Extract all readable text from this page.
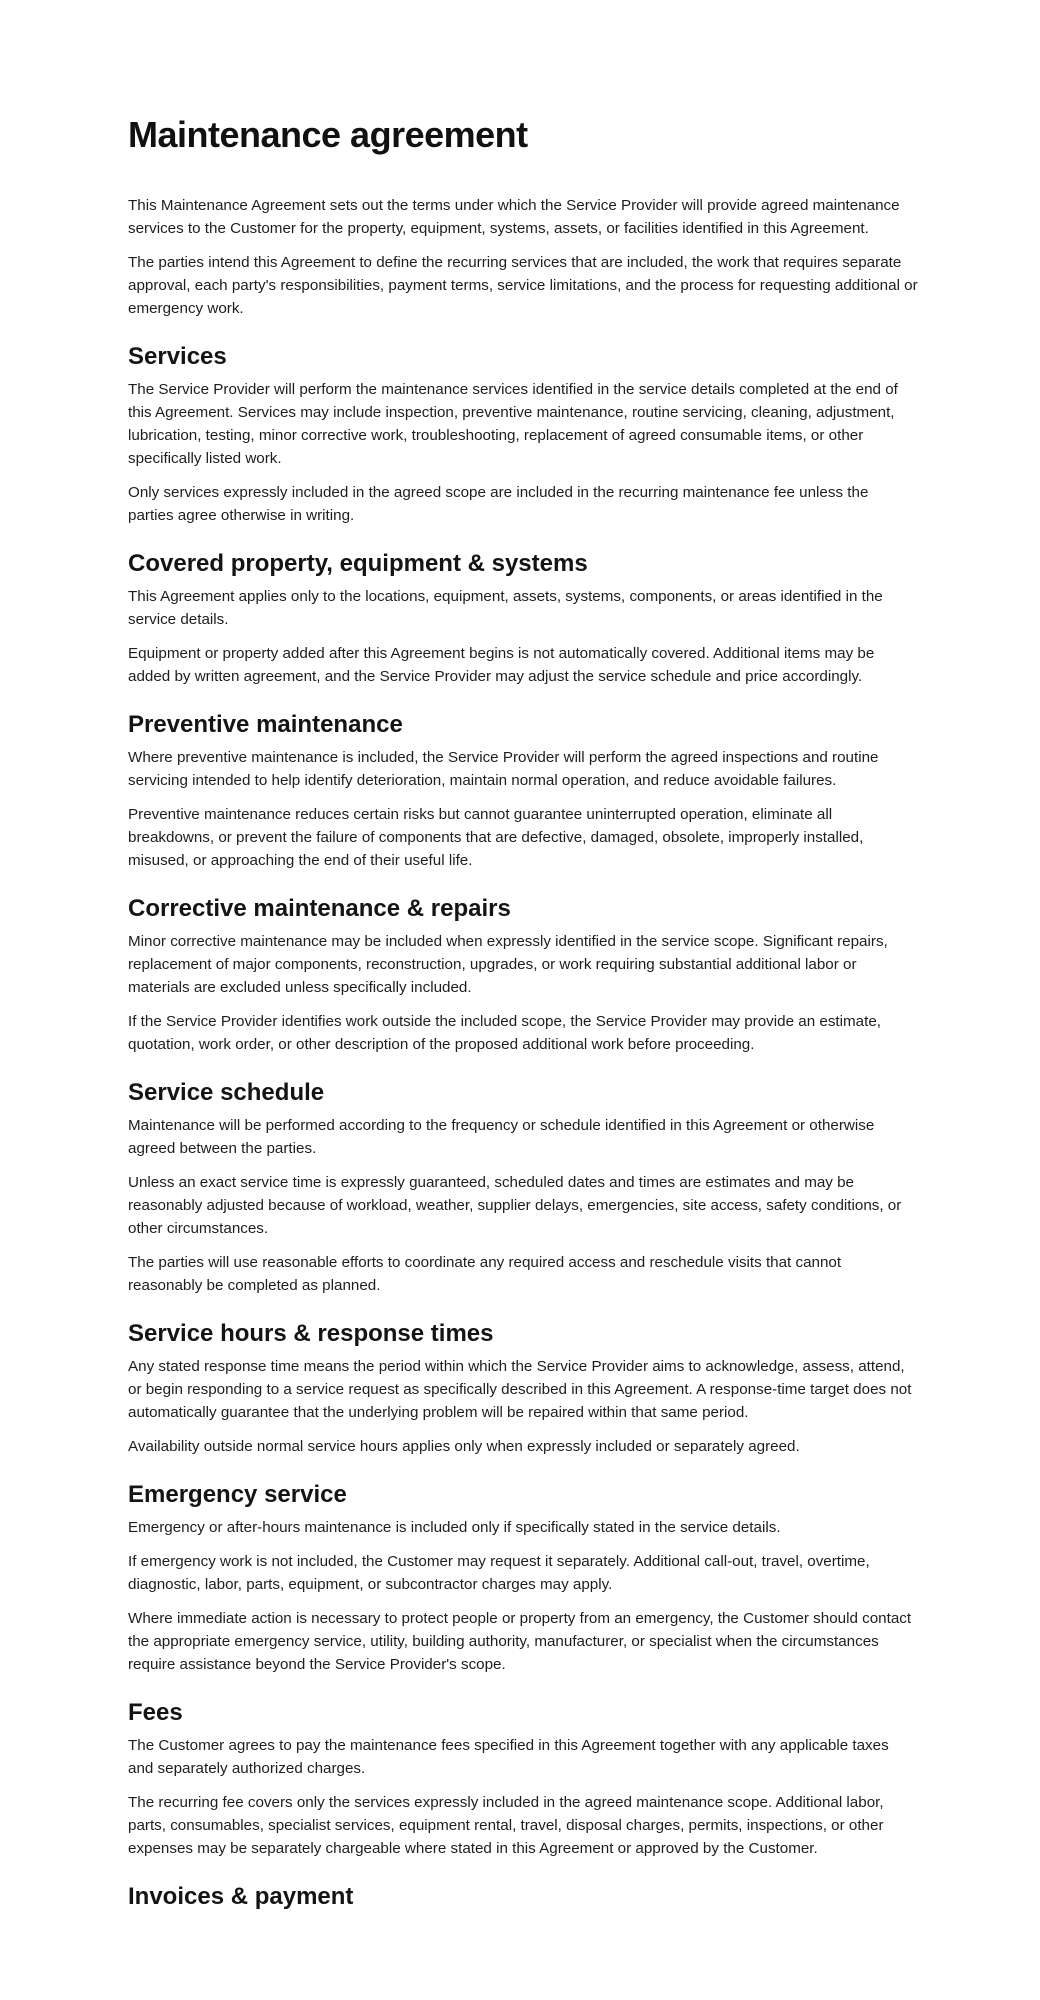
Maintenance agreement

This Maintenance Agreement sets out the terms under which the Service Provider will provide agreed maintenance services to the Customer for the property, equipment, systems, assets, or facilities identified in this Agreement.

The parties intend this Agreement to define the recurring services that are included, the work that requires separate approval, each party's responsibilities, payment terms, service limitations, and the process for requesting additional or emergency work.

Services

The Service Provider will perform the maintenance services identified in the service details completed at the end of this Agreement. Services may include inspection, preventive maintenance, routine servicing, cleaning, adjustment, lubrication, testing, minor corrective work, troubleshooting, replacement of agreed consumable items, or other specifically listed work.

Only services expressly included in the agreed scope are included in the recurring maintenance fee unless the parties agree otherwise in writing.

Covered property, equipment & systems

This Agreement applies only to the locations, equipment, assets, systems, components, or areas identified in the service details.

Equipment or property added after this Agreement begins is not automatically covered. Additional items may be added by written agreement, and the Service Provider may adjust the service schedule and price accordingly.

Preventive maintenance

Where preventive maintenance is included, the Service Provider will perform the agreed inspections and routine servicing intended to help identify deterioration, maintain normal operation, and reduce avoidable failures.

Preventive maintenance reduces certain risks but cannot guarantee uninterrupted operation, eliminate all breakdowns, or prevent the failure of components that are defective, damaged, obsolete, improperly installed, misused, or approaching the end of their useful life.

Corrective maintenance & repairs

Minor corrective maintenance may be included when expressly identified in the service scope. Significant repairs, replacement of major components, reconstruction, upgrades, or work requiring substantial additional labor or materials are excluded unless specifically included.

If the Service Provider identifies work outside the included scope, the Service Provider may provide an estimate, quotation, work order, or other description of the proposed additional work before proceeding.

Service schedule

Maintenance will be performed according to the frequency or schedule identified in this Agreement or otherwise agreed between the parties.

Unless an exact service time is expressly guaranteed, scheduled dates and times are estimates and may be reasonably adjusted because of workload, weather, supplier delays, emergencies, site access, safety conditions, or other circumstances.

The parties will use reasonable efforts to coordinate any required access and reschedule visits that cannot reasonably be completed as planned.

Service hours & response times

Any stated response time means the period within which the Service Provider aims to acknowledge, assess, attend, or begin responding to a service request as specifically described in this Agreement. A response-time target does not automatically guarantee that the underlying problem will be repaired within that same period.

Availability outside normal service hours applies only when expressly included or separately agreed.

Emergency service

Emergency or after-hours maintenance is included only if specifically stated in the service details.

If emergency work is not included, the Customer may request it separately. Additional call-out, travel, overtime, diagnostic, labor, parts, equipment, or subcontractor charges may apply.

Where immediate action is necessary to protect people or property from an emergency, the Customer should contact the appropriate emergency service, utility, building authority, manufacturer, or specialist when the circumstances require assistance beyond the Service Provider's scope.

Fees

The Customer agrees to pay the maintenance fees specified in this Agreement together with any applicable taxes and separately authorized charges.

The recurring fee covers only the services expressly included in the agreed maintenance scope. Additional labor, parts, consumables, specialist services, equipment rental, travel, disposal charges, permits, inspections, or other expenses may be separately chargeable where stated in this Agreement or approved by the Customer.

Invoices & payment
